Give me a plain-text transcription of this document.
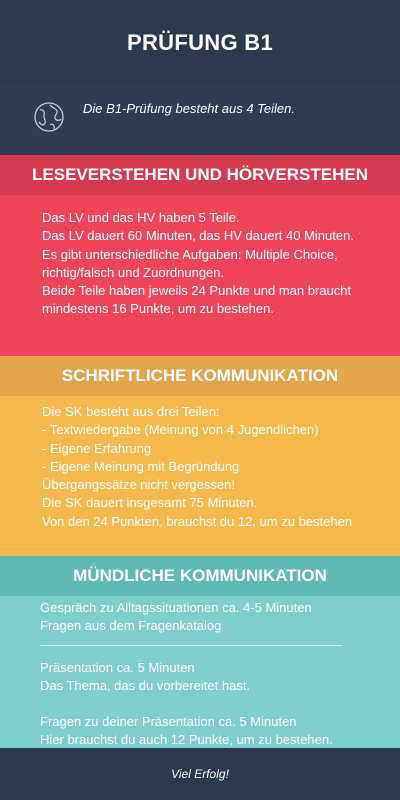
PRÜFUNG B1
Die B1-Prüfung besteht aus 4 Teilen.
LESEVERSTEHEN UND HÖRVERSTEHEN

Das LV und das HV haben 5 Teile.
Das LV dauert 60 Minuten, das HV dauert 40 Minuten.
Es gibt unterschiedliche Aufgaben: Multiple Choice, richtig/falsch und Zuordnungen.
Beide Teile haben jeweils 24 Punkte und man braucht mindestens 16 Punkte, um zu bestehen.

SCHRIFTLICHE KOMMUNIKATION

Die SK besteht aus drei Teilen:
- Textwiedergabe (Meinung von 4 Jugendlichen)
- Eigene Erfahrung
- Eigene Meinung mit Begründung
Übergangssätze nicht vergessen!
Die SK dauert insgesamt 75 Minuten.
Von den 24 Punkten, brauchst du 12, um zu bestehen

MÜNDLICHE KOMMUNIKATION

Gespräch zu Alltagssituationen ca. 4-5 Minuten
Fragen aus dem Fragenkatalog

Präsentation ca. 5 Minuten
Das Thema, das du vorbereitet hast.

Fragen zu deiner Präsentation ca. 5 Minuten
Hier brauchst du auch 12 Punkte, um zu bestehen.

Viel Erfolg!
